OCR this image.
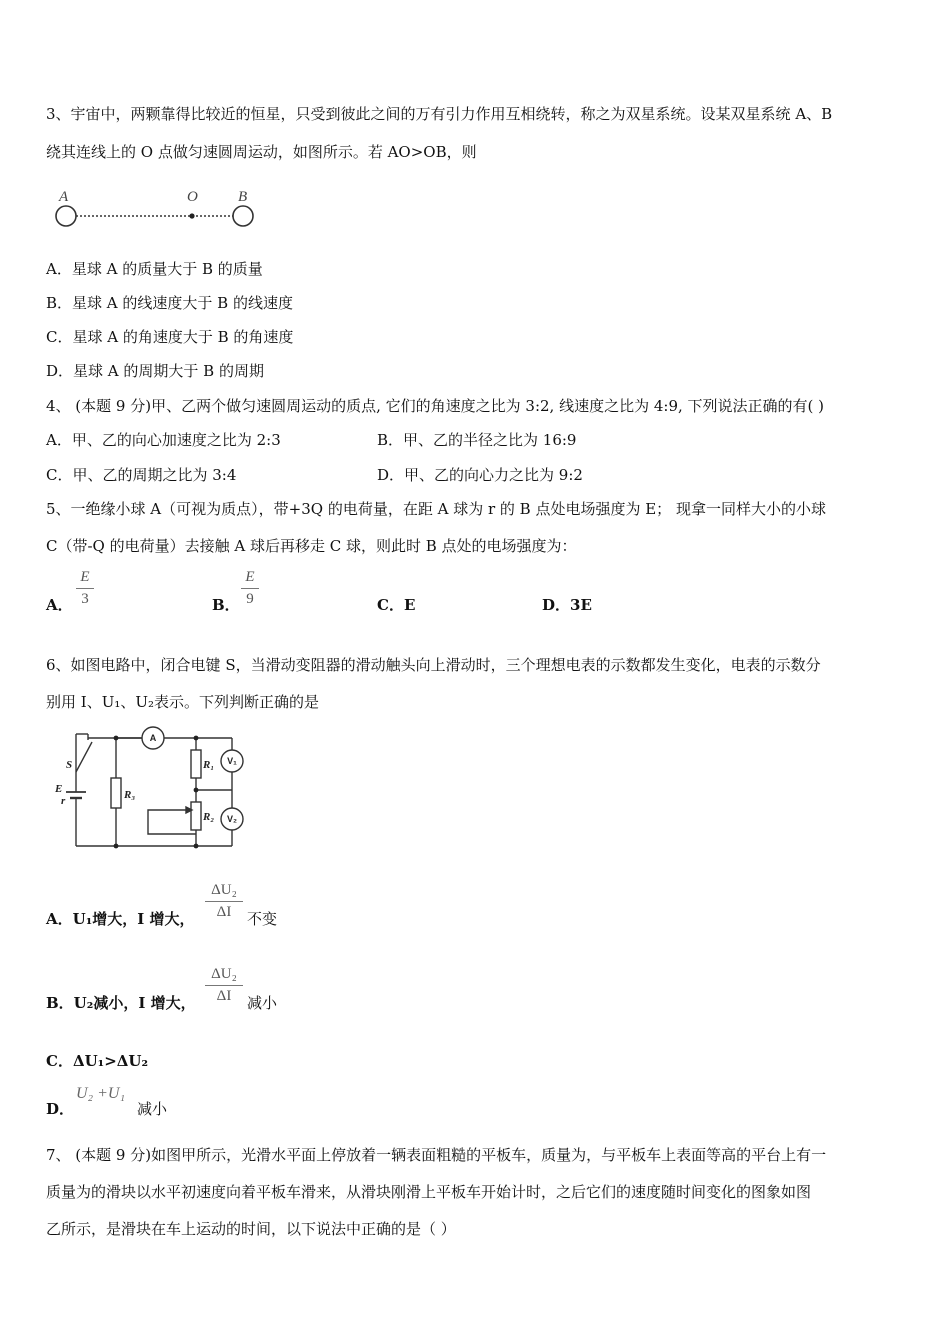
3、宇宙中，两颗靠得比较近的恒星，只受到彼此之间的万有引力作用互相绕转，称之为双星系统。设某双星系统 A、B
绕其连线上的 O 点做匀速圆周运动，如图所示。若 AO>OB，则
A	O	B
A．星球 A 的质量大于 B 的质量
B．星球 A 的线速度大于 B 的线速度
C．星球 A 的角速度大于 B 的角速度
D．星球 A 的周期大于 B 的周期
4、 (本题 9 分)甲、乙两个做匀速圆周运动的质点, 它们的角速度之比为 3:2, 线速度之比为 4:9, 下列说法正确的有( )
A．甲、乙的向心加速度之比为 2:3	B．甲、乙的半径之比为 16:9
C．甲、乙的周期之比为 3:4	D．甲、乙的向心力之比为 9:2
5、一绝缘小球 A（可视为质点），带+3Q 的电荷量，在距 A 球为 r 的 B 点处电场强度为 E； 现拿一同样大小的小球
C（带-Q 的电荷量）去接触 A 球后再移走 C 球，则此时 B 点处的电场强度为：
A．
E
3	B．
E
9	C．E	D．3E
6、如图电路中，闭合电键 S，当滑动变阻器的滑动触头向上滑动时，三个理想电表的示数都发生变化，电表的示数分
别用 I、U₁、U₂表示。下列判断正确的是
S
E
r	R₃
R₁
R₂
A
V₁
V₂
A．U₁增大，I 增大，
ΔU₂
ΔI	不变
B．U₂减小，I 增大，
ΔU₂
ΔI	减小
C．ΔU₁>ΔU₂
D．
U₂ +U₁
减小
7、 (本题 9 分)如图甲所示，光滑水平面上停放着一辆表面粗糙的平板车，质量为，与平板车上表面等高的平台上有一
质量为的滑块以水平初速度向着平板车滑来，从滑块刚滑上平板车开始计时，之后它们的速度随时间变化的图象如图
乙所示，是滑块在车上运动的时间，以下说法中正确的是（ ）
